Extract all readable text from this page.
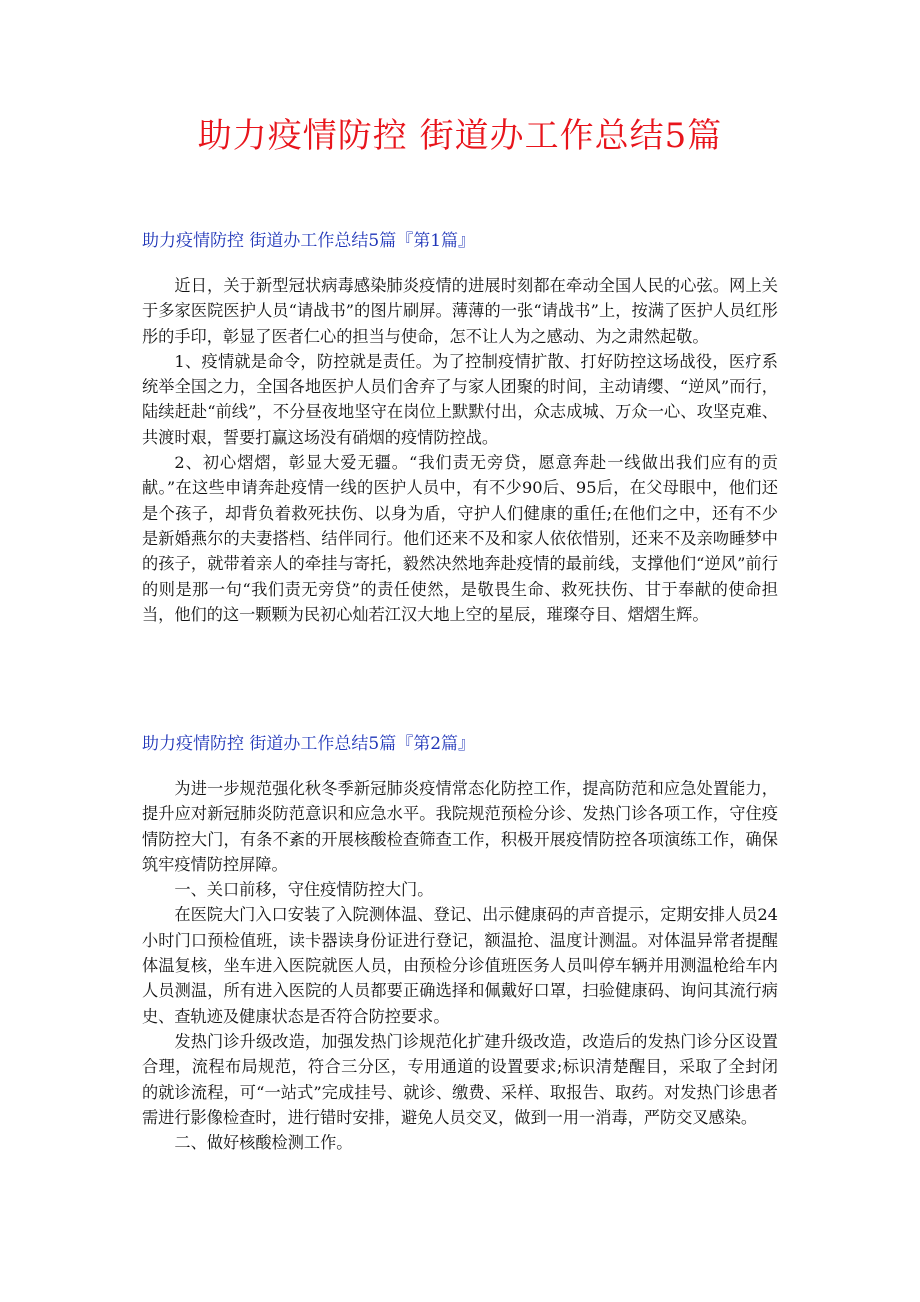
助力疫情防控 街道办工作总结5篇
助力疫情防控 街道办工作总结5篇『第1篇』

近日，关于新型冠状病毒感染肺炎疫情的进展时刻都在牵动全国人民的心弦。网上关于多家医院医护人员“请战书”的图片刷屏。薄薄的一张“请战书”上，按满了医护人员红彤彤的手印，彰显了医者仁心的担当与使命，怎不让人为之感动、为之肃然起敬。

1、疫情就是命令，防控就是责任。为了控制疫情扩散、打好防控这场战役，医疗系统举全国之力，全国各地医护人员们舍弃了与家人团聚的时间，主动请缨、“逆风”而行，陆续赶赴“前线”，不分昼夜地坚守在岗位上默默付出，众志成城、万众一心、攻坚克难、共渡时艰，誓要打赢这场没有硝烟的疫情防控战。

2、初心熠熠，彰显大爱无疆。“我们责无旁贷，愿意奔赴一线做出我们应有的贡献。”在这些申请奔赴疫情一线的医护人员中，有不少90后、95后，在父母眼中，他们还是个孩子，却背负着救死扶伤、以身为盾，守护人们健康的重任;在他们之中，还有不少是新婚燕尔的夫妻搭档、结伴同行。他们还来不及和家人依依惜别，还来不及亲吻睡梦中的孩子，就带着亲人的牵挂与寄托，毅然决然地奔赴疫情的最前线，支撑他们“逆风”前行的则是那一句“我们责无旁贷”的责任使然，是敬畏生命、救死扶伤、甘于奉献的使命担当，他们的这一颗颗为民初心灿若江汉大地上空的星辰，璀璨夺目、熠熠生辉。

助力疫情防控 街道办工作总结5篇『第2篇』

为进一步规范强化秋冬季新冠肺炎疫情常态化防控工作，提高防范和应急处置能力，提升应对新冠肺炎防范意识和应急水平。我院规范预检分诊、发热门诊各项工作，守住疫情防控大门，有条不紊的开展核酸检查筛查工作，积极开展疫情防控各项演练工作，确保筑牢疫情防控屏障。

一、关口前移，守住疫情防控大门。

在医院大门入口安装了入院测体温、登记、出示健康码的声音提示，定期安排人员24小时门口预检值班，读卡器读身份证进行登记，额温抢、温度计测温。对体温异常者提醒体温复核，坐车进入医院就医人员，由预检分诊值班医务人员叫停车辆并用测温枪给车内人员测温，所有进入医院的人员都要正确选择和佩戴好口罩，扫验健康码、询问其流行病史、查轨迹及健康状态是否符合防控要求。

发热门诊升级改造，加强发热门诊规范化扩建升级改造，改造后的发热门诊分区设置合理，流程布局规范，符合三分区，专用通道的设置要求;标识清楚醒目，采取了全封闭的就诊流程，可“一站式”完成挂号、就诊、缴费、采样、取报告、取药。对发热门诊患者需进行影像检查时，进行错时安排，避免人员交叉，做到一用一消毒，严防交叉感染。

二、做好核酸检测工作。
